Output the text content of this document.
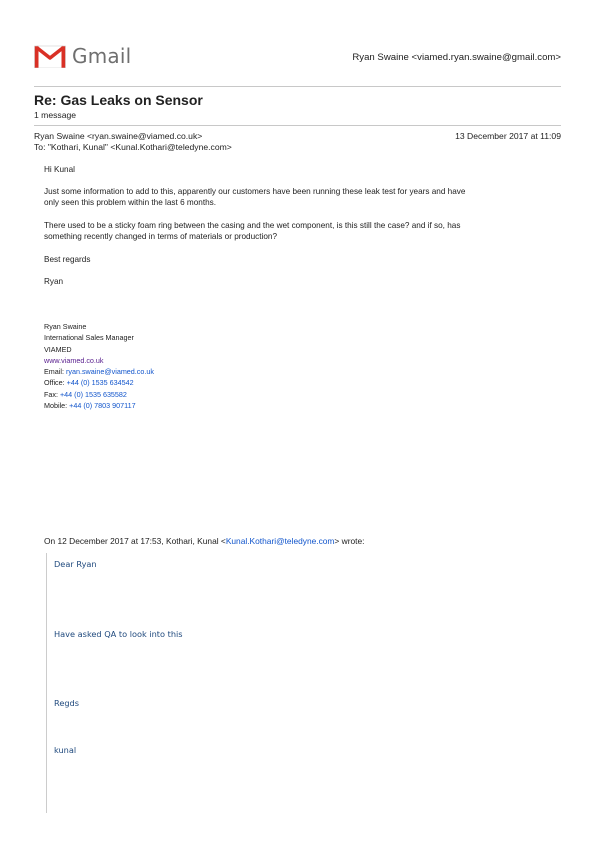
Gmail	Ryan Swaine <viamed.ryan.swaine@gmail.com>
Re: Gas Leaks on Sensor
1 message
Ryan Swaine <ryan.swaine@viamed.co.uk>	13 December 2017 at 11:09
To: "Kothari, Kunal" <Kunal.Kothari@teledyne.com>
Hi Kunal
Just some information to add to this, apparently our customers have been running these leak test for years and have
only seen this problem within the last 6 months.
There used to be a sticky foam ring between the casing and the wet component, is this still the case? and if so, has
something recently changed in terms of materials or production?
Best regards
Ryan
Ryan Swaine
International Sales Manager
VIAMED
www.viamed.co.uk
Email: ryan.swaine@viamed.co.uk
Office: +44 (0) 1535 634542
Fax: +44 (0) 1535 635582
Mobile: +44 (0) 7803 907117
On 12 December 2017 at 17:53, Kothari, Kunal <Kunal.Kothari@teledyne.com> wrote:
Dear Ryan
Have asked QA to look into this
Regds
kunal
